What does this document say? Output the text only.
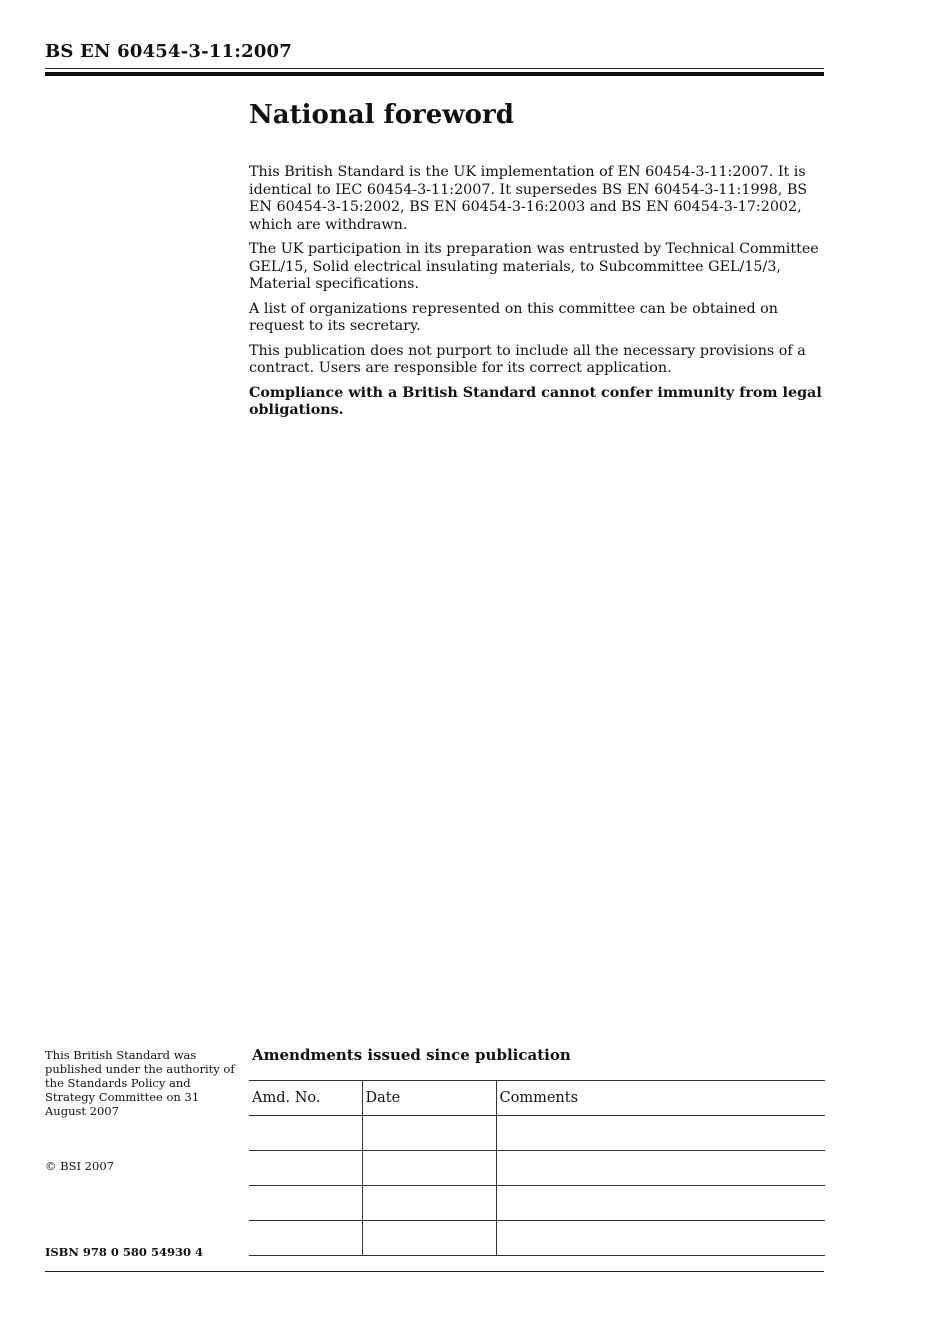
BS EN 60454-3-11:2007
National foreword

This British Standard is the UK implementation of EN 60454-3-11:2007. It is identical to IEC 60454-3-11:2007. It supersedes BS EN 60454-3-11:1998, BS EN 60454-3-15:2002, BS EN 60454-3-16:2003 and BS EN 60454-3-17:2002, which are withdrawn.

The UK participation in its preparation was entrusted by Technical Committee GEL/15, Solid electrical insulating materials, to Subcommittee GEL/15/3, Material specifications.

A list of organizations represented on this committee can be obtained on request to its secretary.

This publication does not purport to include all the necessary provisions of a contract. Users are responsible for its correct application.

Compliance with a British Standard cannot confer immunity from legal obligations.

This British Standard was published under the authority of the Standards Policy and Strategy Committee on 31 August 2007

© BSI 2007

ISBN 978 0 580 54930 4

Amendments issued since publication
Amd. No.	Date	Comments
